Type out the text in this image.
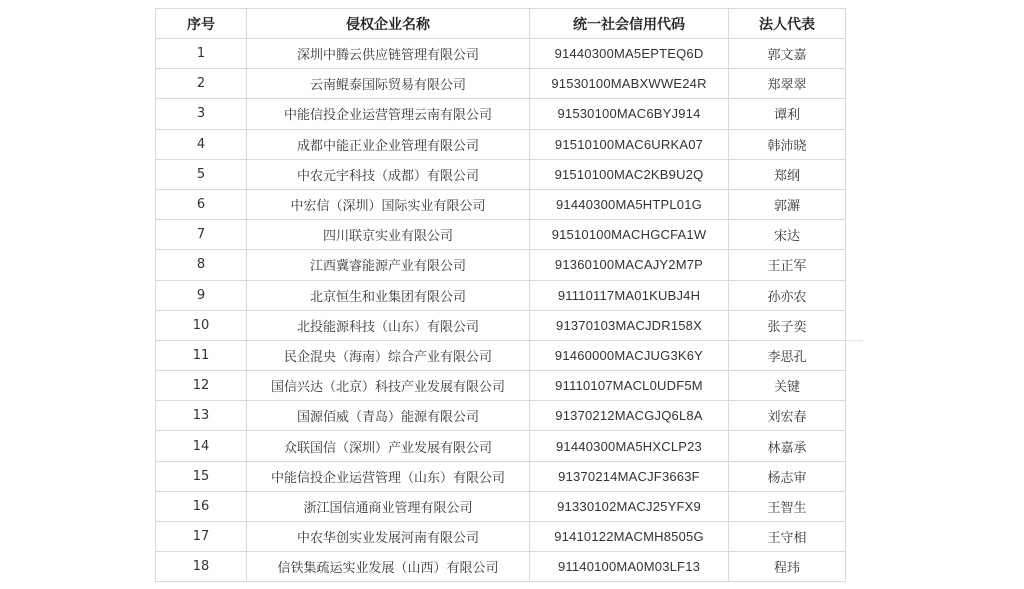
序号	侵权企业名称	统一社会信用代码	法人代表
1	深圳中腾云供应链管理有限公司	91440300MA5EPTEQ6D	郭文嘉
2	云南鲲泰国际贸易有限公司	91530100MABXWWE24R	郑翠翠
3	中能信投企业运营管理云南有限公司	91530100MAC6BYJ914	谭利
4	成都中能正业企业管理有限公司	91510100MAC6URKA07	韩沛晓
5	中农元宇科技（成都）有限公司	91510100MAC2KB9U2Q	郑纲
6	中宏信（深圳）国际实业有限公司	91440300MA5HTPL01G	郭澥
7	四川联京实业有限公司	91510100MACHGCFA1W	宋达
8	江西冀睿能源产业有限公司	91360100MACAJY2M7P	王正军
9	北京恒生和业集团有限公司	91110117MA01KUBJ4H	孙亦农
10	北投能源科技（山东）有限公司	91370103MACJDR158X	张子奕
11	民企混央（海南）综合产业有限公司	91460000MACJUG3K6Y	李思孔
12	国信兴达（北京）科技产业发展有限公司	91110107MACL0UDF5M	关键
13	国源佰威（青岛）能源有限公司	91370212MACGJQ6L8A	刘宏春
14	众联国信（深圳）产业发展有限公司	91440300MA5HXCLP23	林嘉承
15	中能信投企业运营管理（山东）有限公司	91370214MACJF3663F	杨志审
16	浙江国信通商业管理有限公司	91330102MACJ25YFX9	王智生
17	中农华创实业发展河南有限公司	91410122MACMH8505G	王守相
18	信铁集疏运实业发展（山西）有限公司	91140100MA0M03LF13	程玮
